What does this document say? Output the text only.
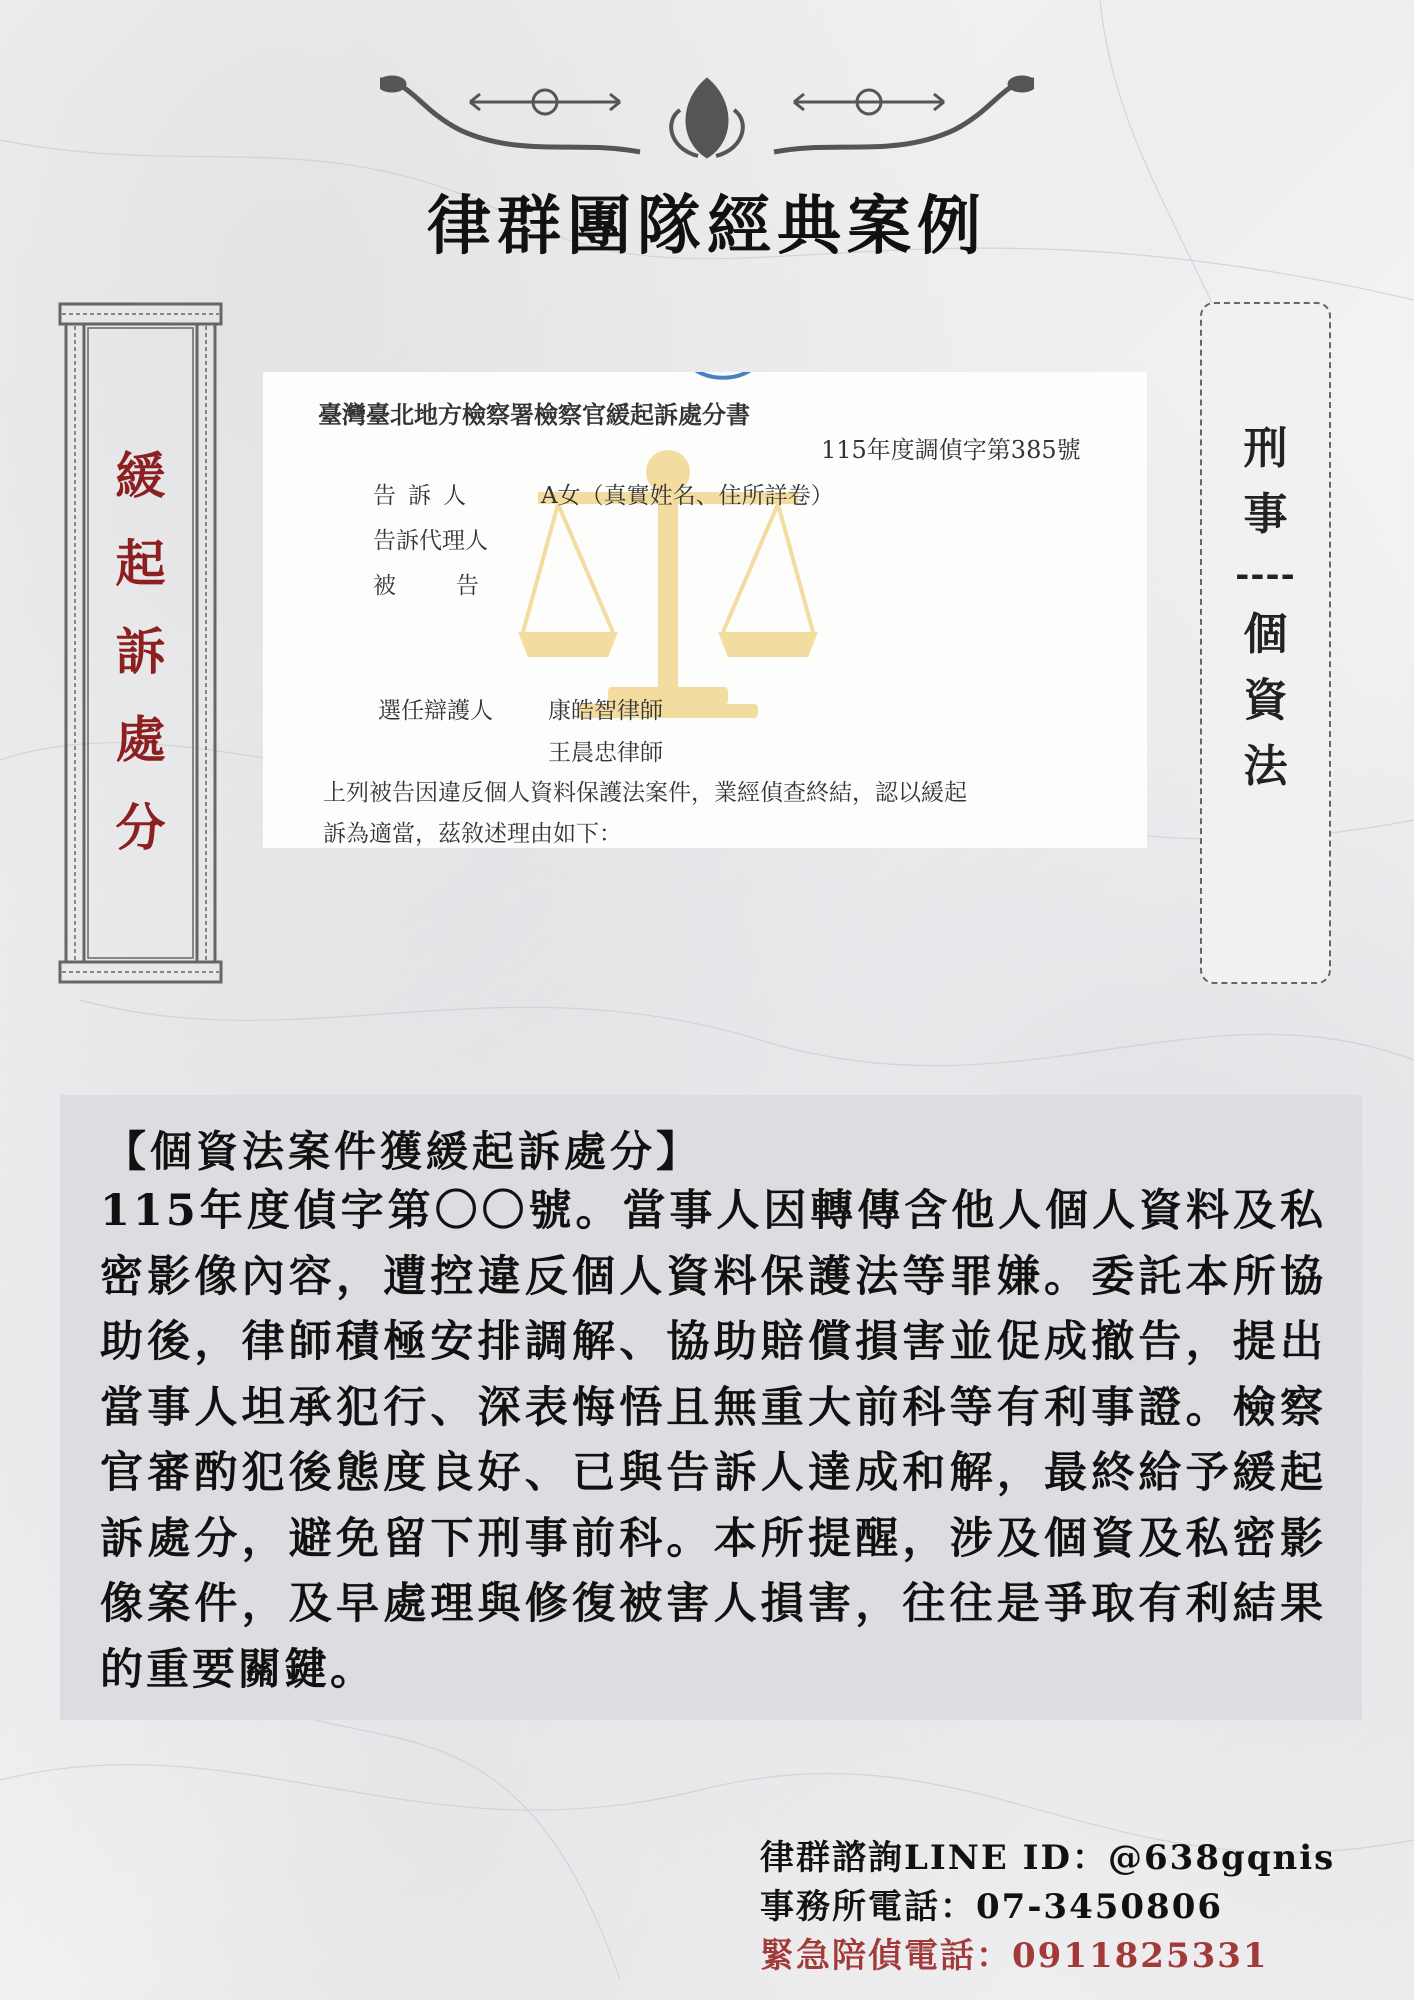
律群團隊經典案例
緩
起
訴
處
分
臺灣臺北地方檢察署檢察官緩起訴處分書
115年度調偵字第385號
告訴人	A女（真實姓名、住所詳卷）
告訴代理人
被告
選任辯護人 康皓智律師
王晨忠律師
上列被告因違反個人資料保護法案件，業經偵查終結，認以緩起
訴為適當，茲敘述理由如下：
刑
事
----
個
資
法
【個資法案件獲緩起訴處分】
115年度偵字第〇〇號。當事人因轉傳含他人個人資料及私密影像內容，遭控違反個人資料保護法等罪嫌。委託本所協助後，律師積極安排調解、協助賠償損害並促成撤告，提出當事人坦承犯行、深表悔悟且無重大前科等有利事證。檢察官審酌犯後態度良好、已與告訴人達成和解，最終給予緩起訴處分，避免留下刑事前科。本所提醒，涉及個資及私密影像案件，及早處理與修復被害人損害，往往是爭取有利結果的重要關鍵。
律群諮詢LINE ID：@638gqnis
事務所電話：07-3450806
緊急陪偵電話：0911825331
